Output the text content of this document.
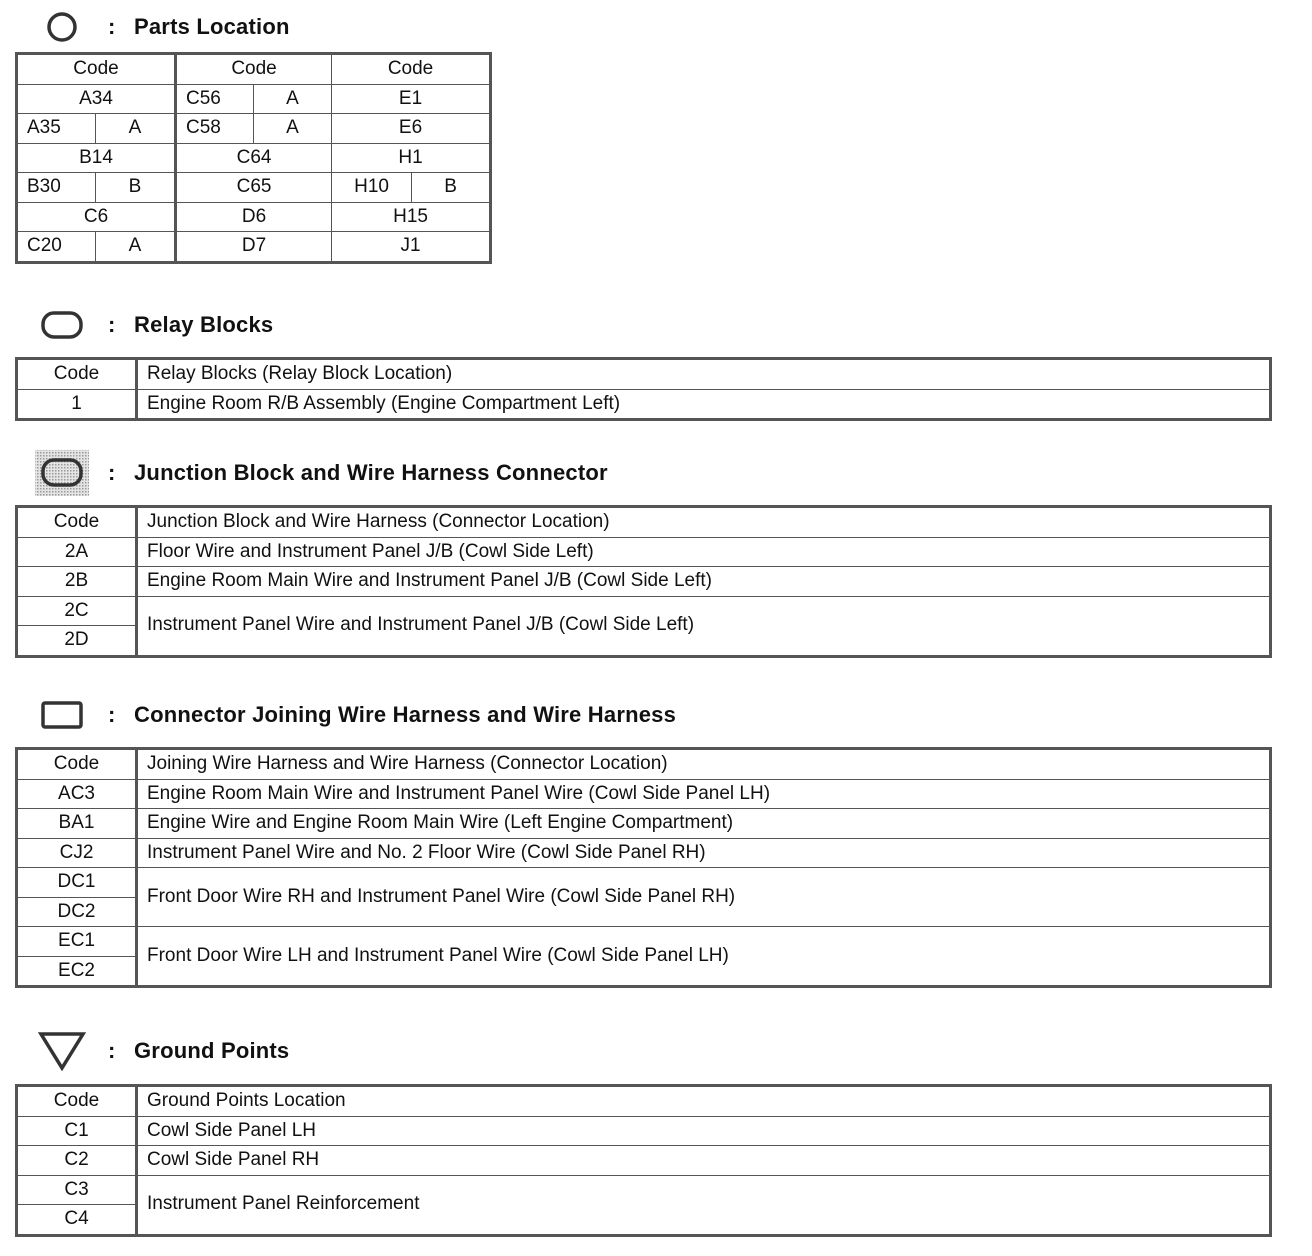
: Parts Location
Code		Code		Code	
A34		C56	A	E1	
A35	A	C58	A	E6	
B14		C64		H1	
B30	B	C65		H10	B
C6		D6		H15	
C20	A	D7		J1	
: Relay Blocks
Code	Relay Blocks (Relay Block Location)
1	Engine Room R/B Assembly (Engine Compartment Left)
: Junction Block and Wire Harness Connector
Code	Junction Block and Wire Harness (Connector Location)
2A	Floor Wire and Instrument Panel J/B (Cowl Side Left)
2B	Engine Room Main Wire and Instrument Panel J/B (Cowl Side Left)
2C	Instrument Panel Wire and Instrument Panel J/B (Cowl Side Left)
2D	
: Connector Joining Wire Harness and Wire Harness
Code	Joining Wire Harness and Wire Harness (Connector Location)
AC3	Engine Room Main Wire and Instrument Panel Wire (Cowl Side Panel LH)
BA1	Engine Wire and Engine Room Main Wire (Left Engine Compartment)
CJ2	Instrument Panel Wire and No. 2 Floor Wire (Cowl Side Panel RH)
DC1	Front Door Wire RH and Instrument Panel Wire (Cowl Side Panel RH)
DC2	
EC1	Front Door Wire LH and Instrument Panel Wire (Cowl Side Panel LH)
EC2	
: Ground Points
Code	Ground Points Location
C1	Cowl Side Panel LH
C2	Cowl Side Panel RH
C3	Instrument Panel Reinforcement
C4	
